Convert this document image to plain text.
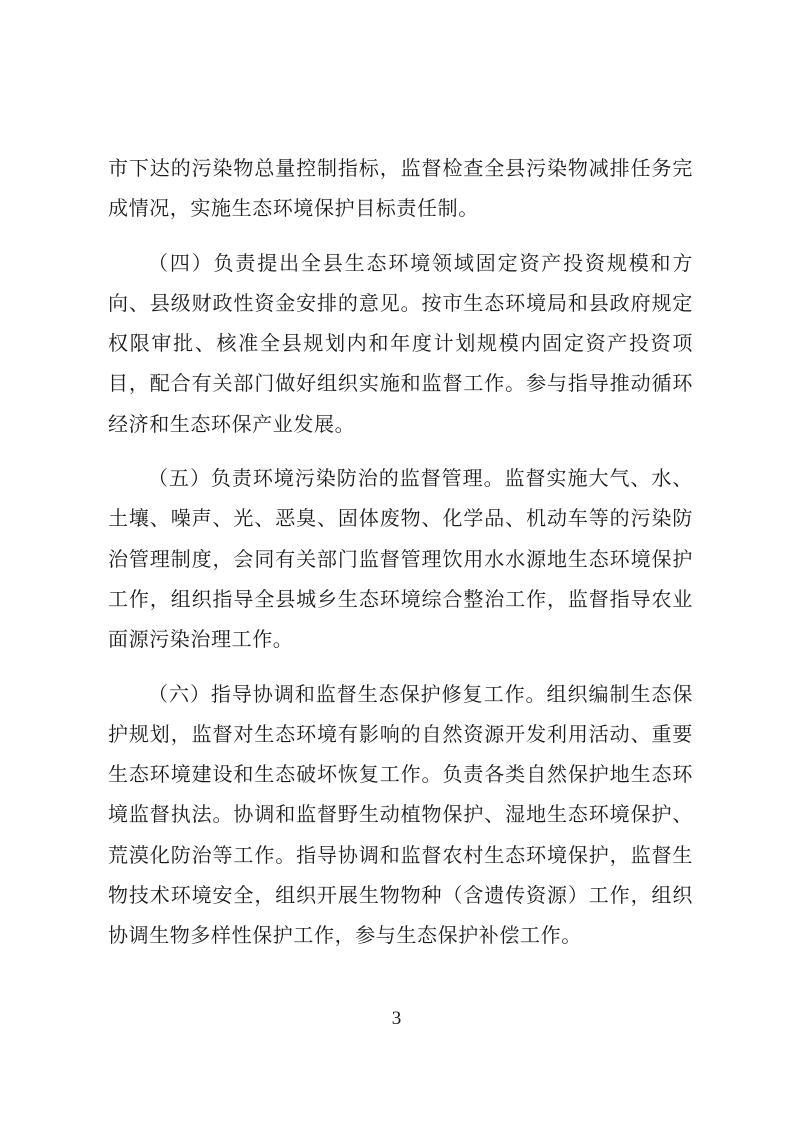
市下达的污染物总量控制指标，监督检查全县污染物减排任务完成情况，实施生态环境保护目标责任制。

（四）负责提出全县生态环境领域固定资产投资规模和方向、县级财政性资金安排的意见。按市生态环境局和县政府规定权限审批、核准全县规划内和年度计划规模内固定资产投资项目，配合有关部门做好组织实施和监督工作。参与指导推动循环经济和生态环保产业发展。

（五）负责环境污染防治的监督管理。监督实施大气、水、土壤、噪声、光、恶臭、固体废物、化学品、机动车等的污染防治管理制度，会同有关部门监督管理饮用水水源地生态环境保护工作，组织指导全县城乡生态环境综合整治工作，监督指导农业面源污染治理工作。

（六）指导协调和监督生态保护修复工作。组织编制生态保护规划，监督对生态环境有影响的自然资源开发利用活动、重要生态环境建设和生态破坏恢复工作。负责各类自然保护地生态环境监督执法。协调和监督野生动植物保护、湿地生态环境保护、荒漠化防治等工作。指导协调和监督农村生态环境保护，监督生物技术环境安全，组织开展生物物种（含遗传资源）工作，组织协调生物多样性保护工作，参与生态保护补偿工作。

3
